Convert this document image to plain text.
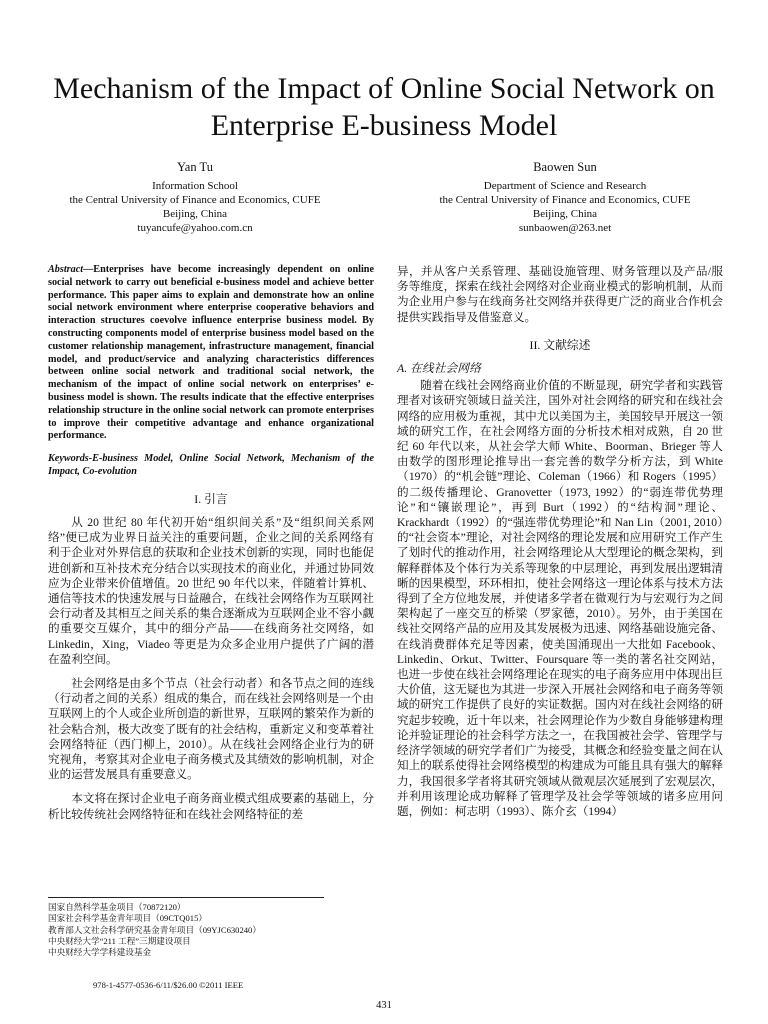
Mechanism of the Impact of Online Social Network on Enterprise E-business Model
Yan Tu
Information School
the Central University of Finance and Economics, CUFE
Beijing, China
tuyancufe@yahoo.com.cn
Baowen Sun
Department of Science and Research
the Central University of Finance and Economics, CUFE
Beijing, China
sunbaowen@263.net

Abstract—Enterprises have become increasingly dependent on online social network to carry out beneficial e-business model and achieve better performance. This paper aims to explain and demonstrate how an online social network environment where enterprise cooperative behaviors and interaction structures coevolve influence enterprise business model. By constructing components model of enterprise business model based on the customer relationship management, infrastructure management, financial model, and product/service and analyzing characteristics differences between online social network and traditional social network, the mechanism of the impact of online social network on enterprises’ e-business model is shown. The results indicate that the effective enterprises relationship structure in the online social network can promote enterprises to improve their competitive advantage and enhance organizational performance.

Keywords-E-business Model, Online Social Network, Mechanism of the Impact, Co-evolution

I. 引言

从 20 世纪 80 年代初开始“组织间关系”及“组织间关系网络”便已成为业界日益关注的重要问题，企业之间的关系网络有利于企业对外界信息的获取和企业技术创新的实现，同时也能促进创新和互补技术充分结合以实现技术的商业化，并通过协同效应为企业带来价值增值。20 世纪 90 年代以来，伴随着计算机、通信等技术的快速发展与日益融合，在线社会网络作为互联网社会行动者及其相互之间关系的集合逐渐成为互联网企业不容小觑的重要交互媒介，其中的细分产品——在线商务社交网络，如 Linkedin，Xing，Viadeo 等更是为众多企业用户提供了广阔的潜在盈利空间。

社会网络是由多个节点（社会行动者）和各节点之间的连线（行动者之间的关系）组成的集合，而在线社会网络则是一个由互联网上的个人或企业所创造的新世界，互联网的繁荣作为新的社会粘合剂，极大改变了既有的社会结构，重新定义和变革着社会网络特征（西门柳上，2010）。从在线社会网络企业行为的研究视角，考察其对企业电子商务模式及其绩效的影响机制，对企业的运营发展具有重要意义。

本文将在探讨企业电子商务商业模式组成要素的基础上，分析比较传统社会网络特征和在线社会网络特征的差

异，并从客户关系管理、基础设施管理、财务管理以及产品/服务等维度，探索在线社会网络对企业商业模式的影响机制，从而为企业用户参与在线商务社交网络并获得更广泛的商业合作机会提供实践指导及借鉴意义。

II. 文献综述
A. 在线社会网络

随着在线社会网络商业价值的不断显现，研究学者和实践管理者对该研究领域日益关注，国外对社会网络的研究和在线社会网络的应用极为重视，其中尤以美国为主，美国较早开展这一领域的研究工作，在社会网络方面的分析技术相对成熟，自 20 世纪 60 年代以来，从社会学大师 White、Boorman、Brieger 等人由数学的图形理论推导出一套完善的数学分析方法，到 White（1970）的“机会链”理论、Coleman（1966）和 Rogers（1995）的二级传播理论、Granovetter（1973, 1992）的“弱连带优势理论”和“镶嵌理论”，再到 Burt（1992）的“结构洞”理论、Krackhardt（1992）的“强连带优势理论”和 Nan Lin（2001, 2010）的“社会资本”理论，对社会网络的理论发展和应用研究工作产生了划时代的推动作用，社会网络理论从大型理论的概念架构，到解释群体及个体行为关系等现象的中层理论，再到发展出逻辑清晰的因果模型，环环相扣，使社会网络这一理论体系与技术方法得到了全方位地发展，并使诸多学者在微观行为与宏观行为之间架构起了一座交互的桥梁（罗家德，2010）。另外，由于美国在线社交网络产品的应用及其发展极为迅速、网络基础设施完备、在线消费群体充足等因素，使美国涌现出一大批如 Facebook、Linkedin、Orkut、Twitter、Foursquare 等一类的著名社交网站，也进一步使在线社会网络理论在现实的电子商务应用中体现出巨大价值，这无疑也为其进一步深入开展社会网络和电子商务等领域的研究工作提供了良好的实证数据。国内对在线社会网络的研究起步较晚，近十年以来，社会网理论作为少数自身能够建构理论并验证理论的社会科学方法之一，在我国被社会学、管理学与经济学领域的研究学者们广为接受，其概念和经验变量之间在认知上的联系使得社会网络模型的构建成为可能且具有强大的解释力，我国很多学者将其研究领域从微观层次延展到了宏观层次，并利用该理论成功解释了管理学及社会学等领域的诸多应用问题，例如：柯志明（1993）、陈介玄（1994）

国家自然科学基金项目（70872120）
国家社会科学基金青年项目（09CTQ015）
教育部人文社会科学研究基金青年项目（09YJC630240）
中央财经大学“211 工程”三期建设项目
中央财经大学学科建设基金
978-1-4577-0536-6/11/$26.00 ©2011 IEEE
431
